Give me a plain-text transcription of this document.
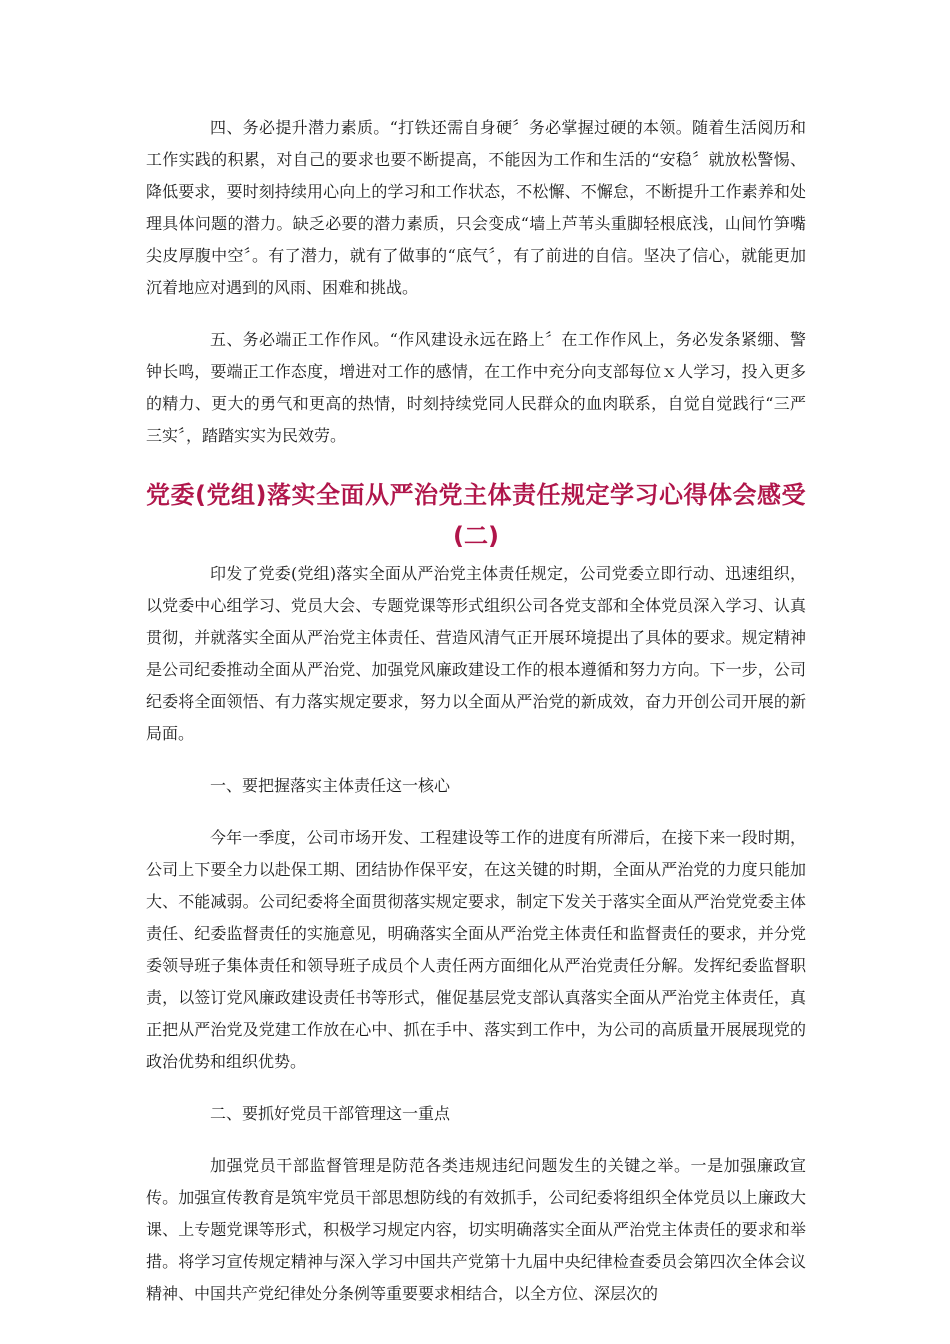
四、务必提升潜力素质。“打铁还需自身硬〞务必掌握过硬的本领。随着生活阅历和工作实践的积累，对自己的要求也要不断提高，不能因为工作和生活的“安稳〞就放松警惕、降低要求，要时刻持续用心向上的学习和工作状态，不松懈、不懈怠，不断提升工作素养和处理具体问题的潜力。缺乏必要的潜力素质，只会变成“墙上芦苇头重脚轻根底浅，山间竹笋嘴尖皮厚腹中空〞。有了潜力，就有了做事的“底气〞，有了前进的自信。坚决了信心，就能更加沉着地应对遇到的风雨、困难和挑战。

五、务必端正工作作风。“作风建设永远在路上〞在工作作风上，务必发条紧绷、警钟长鸣，要端正工作态度，增进对工作的感情，在工作中充分向支部每位ｘ人学习，投入更多的精力、更大的勇气和更高的热情，时刻持续党同人民群众的血肉联系，自觉自觉践行“三严三实〞，踏踏实实为民效劳。

党委(党组)落实全面从严治党主体责任规定学习心得体会感受
(二)

印发了党委(党组)落实全面从严治党主体责任规定，公司党委立即行动、迅速组织，以党委中心组学习、党员大会、专题党课等形式组织公司各党支部和全体党员深入学习、认真贯彻，并就落实全面从严治党主体责任、营造风清气正开展环境提出了具体的要求。规定精神是公司纪委推动全面从严治党、加强党风廉政建设工作的根本遵循和努力方向。下一步，公司纪委将全面领悟、有力落实规定要求，努力以全面从严治党的新成效，奋力开创公司开展的新局面。

一、要把握落实主体责任这一核心

今年一季度，公司市场开发、工程建设等工作的进度有所滞后，在接下来一段时期，公司上下要全力以赴保工期、团结协作保平安，在这关键的时期，全面从严治党的力度只能加大、不能减弱。公司纪委将全面贯彻落实规定要求，制定下发关于落实全面从严治党党委主体责任、纪委监督责任的实施意见，明确落实全面从严治党主体责任和监督责任的要求，并分党委领导班子集体责任和领导班子成员个人责任两方面细化从严治党责任分解。发挥纪委监督职责，以签订党风廉政建设责任书等形式，催促基层党支部认真落实全面从严治党主体责任，真正把从严治党及党建工作放在心中、抓在手中、落实到工作中，为公司的高质量开展展现党的政治优势和组织优势。

二、要抓好党员干部管理这一重点

加强党员干部监督管理是防范各类违规违纪问题发生的关键之举。一是加强廉政宣传。加强宣传教育是筑牢党员干部思想防线的有效抓手，公司纪委将组织全体党员以上廉政大课、上专题党课等形式，积极学习规定内容，切实明确落实全面从严治党主体责任的要求和举措。将学习宣传规定精神与深入学习中国共产党第十九届中央纪律检查委员会第四次全体会议精神、中国共产党纪律处分条例等重要要求相结合，以全方位、深层次的
